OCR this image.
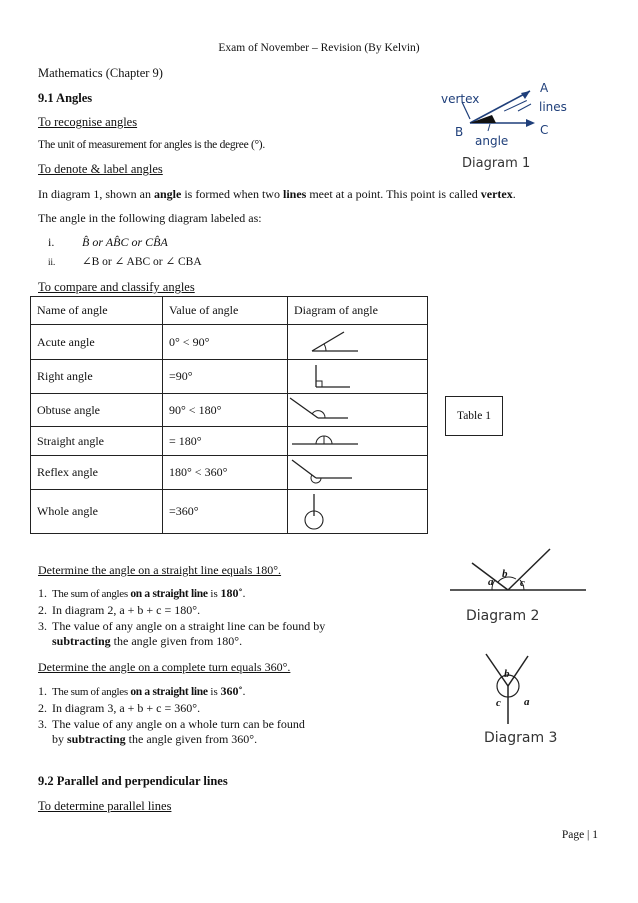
Exam of November – Revision (By Kelvin)
Mathematics (Chapter 9)
9.1 Angles
To recognise angles
The unit of measurement for angles is the degree (°).
To denote & label angles
In diagram 1, shown an angle is formed when two lines meet at a point. This point is called vertex.
The angle in the following diagram labeled as:
i. B̂ or AB̂C or CB̂A
ii. ∠B or ∠ ABC or ∠ CBA
vertex
A
lines
B	C
angle
Diagram 1
To compare and classify angles
Name of angle	Value of angle	Diagram of angle
Acute angle	0° < 90°	

Right angle	=90°	

Obtuse angle	90° < 180°	

Straight angle	= 180°	

Reflex angle	180° < 360°	

Whole angle	=360°	
Table 1
Determine the angle on a straight line equals 180°.
1. The sum of angles on a straight line is 180˚.
2. In diagram 2, a + b + c = 180°.
3. The value of any angle on a straight line can be found by
subtracting the angle given from 180°.
a
b
c
Diagram 2
Determine the angle on a complete turn equals 360°.
1. The sum of angles on a straight line is 360˚.
2. In diagram 3, a + b + c = 360°.
3. The value of any angle on a whole turn can be found
by subtracting the angle given from 360°.
b
c a
Diagram 3
9.2 Parallel and perpendicular lines
To determine parallel lines
Page | 1
